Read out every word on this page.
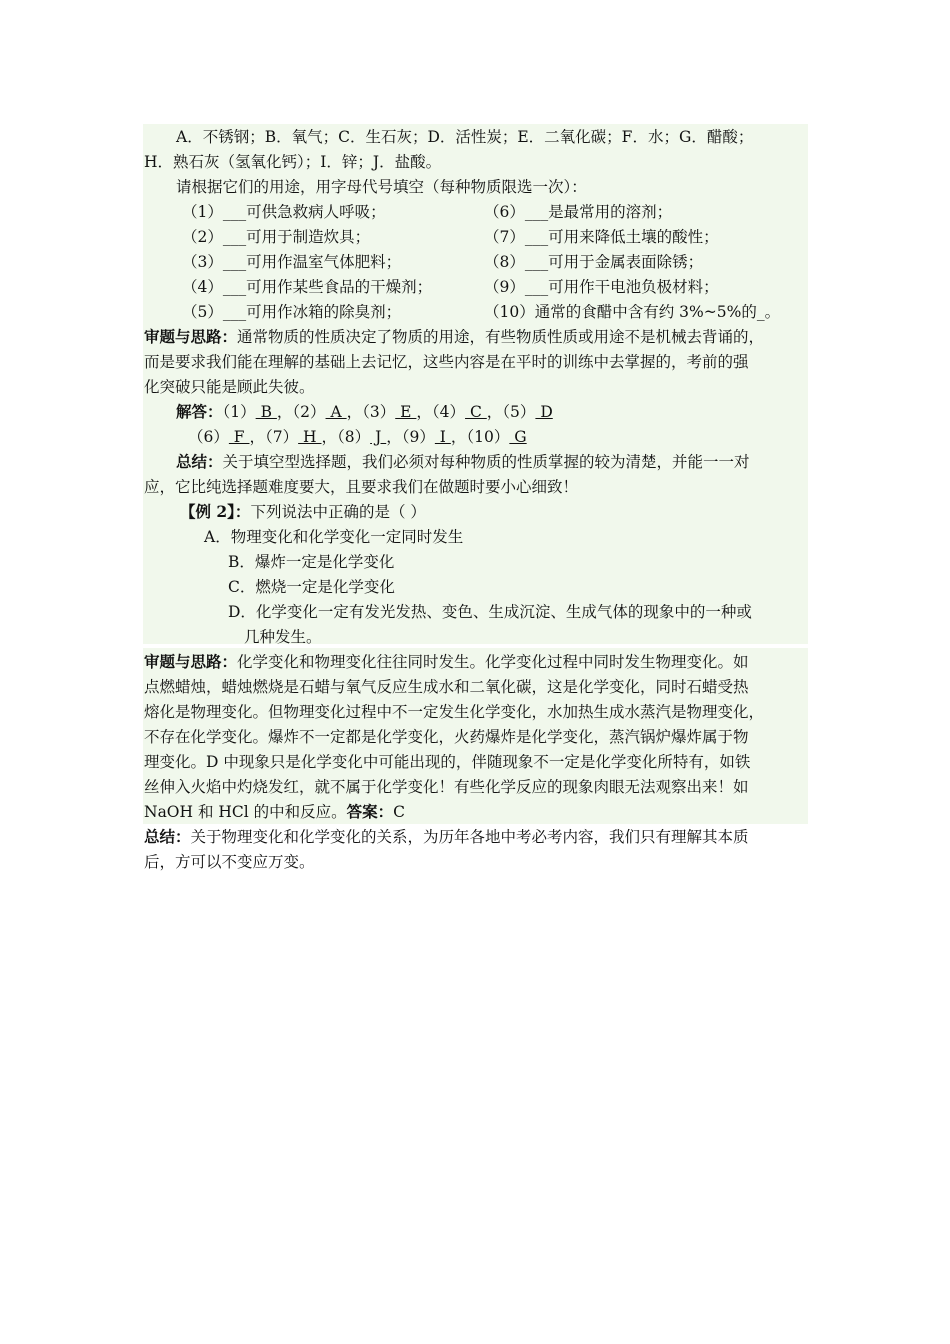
A．不锈钢；B．氧气；C．生石灰；D．活性炭；E．二氧化碳；F．水；G．醋酸；
H．熟石灰（氢氧化钙）；I．锌；J．盐酸。
请根据它们的用途，用字母代号填空（每种物质限选一次）：
（1）___可供急救病人呼吸；
（2）___可用于制造炊具；
（3）___可用作温室气体肥料；
（4）___可用作某些食品的干燥剂；
（5）___可用作冰箱的除臭剂；
（6）___是最常用的溶剂；
（7）___可用来降低土壤的酸性；
（8）___可用于金属表面除锈；
（9）___可用作干电池负极材料；
（10）通常的食醋中含有约 3%~5%的_。
审题与思路：通常物质的性质决定了物质的用途，有些物质性质或用途不是机械去背诵的，
而是要求我们能在理解的基础上去记忆，这些内容是在平时的训练中去掌握的，考前的强
化突破只能是顾此失彼。
解答：（1） B ，（2） A ，（3） E ，（4） C ，（5） D
（6） F ，（7） H ，（8） J ，（9） I ，（10） G
总结：关于填空型选择题，我们必须对每种物质的性质掌握的较为清楚，并能一一对
应，它比纯选择题难度要大，且要求我们在做题时要小心细致！
【例 2】：下列说法中正确的是（ ）
A．物理变化和化学变化一定同时发生
B．爆炸一定是化学变化
C．燃烧一定是化学变化
D．化学变化一定有发光发热、变色、生成沉淀、生成气体的现象中的一种或
几种发生。
审题与思路：化学变化和物理变化往往同时发生。化学变化过程中同时发生物理变化。如
点燃蜡烛，蜡烛燃烧是石蜡与氧气反应生成水和二氧化碳，这是化学变化，同时石蜡受热
熔化是物理变化。但物理变化过程中不一定发生化学变化，水加热生成水蒸汽是物理变化，
不存在化学变化。爆炸不一定都是化学变化，火药爆炸是化学变化，蒸汽锅炉爆炸属于物
理变化。D 中现象只是化学变化中可能出现的，伴随现象不一定是化学变化所特有，如铁
丝伸入火焰中灼烧发红，就不属于化学变化！有些化学反应的现象肉眼无法观察出来！如
NaOH 和 HCl 的中和反应。答案：C
总结：关于物理变化和化学变化的关系，为历年各地中考必考内容，我们只有理解其本质
后，方可以不变应万变。
